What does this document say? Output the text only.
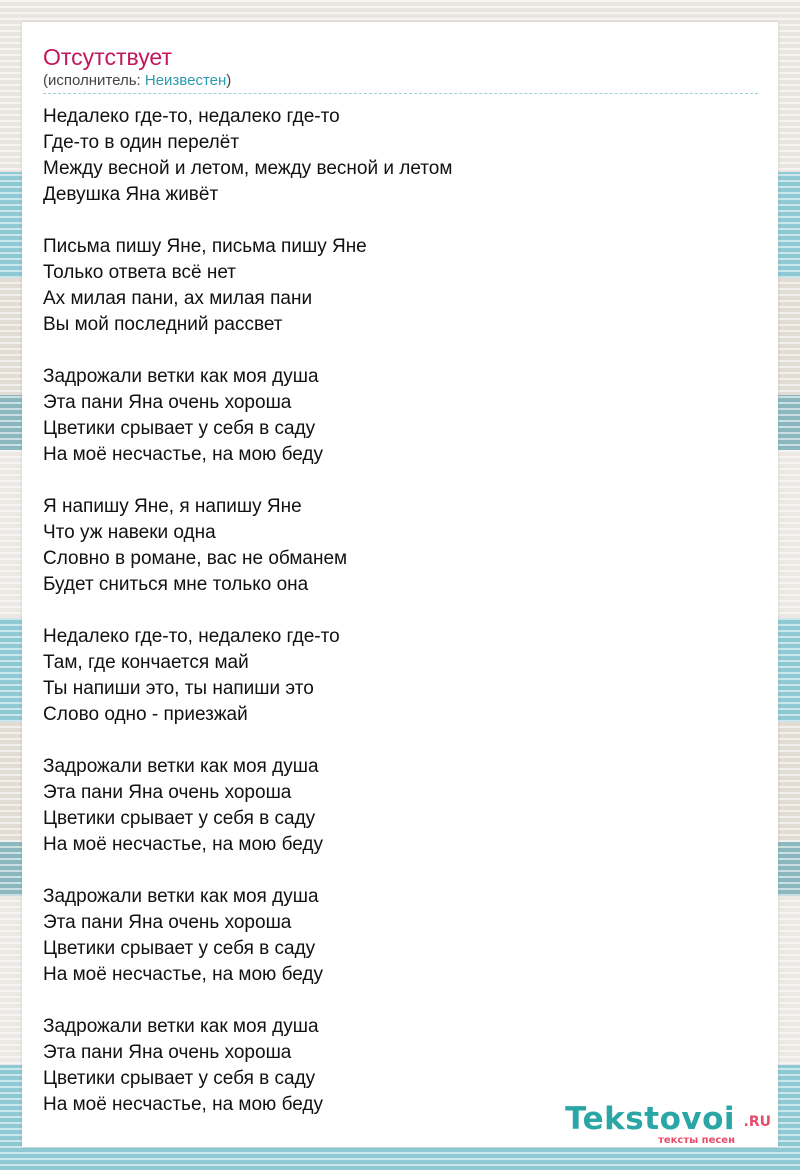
Отсутствует
(исполнитель: Неизвестен)
Недалеко где-то, недалеко где-то
Где-то в один перелёт
Между весной и летом, между весной и летом
Девушка Яна живёт
Письма пишу Яне, письма пишу Яне
Только ответа всё нет
Ах милая пани, ах милая пани
Вы мой последний рассвет
Задрожали ветки как моя душа
Эта пани Яна очень хороша
Цветики срывает у себя в саду
На моё несчастье, на мою беду
Я напишу Яне, я напишу Яне
Что уж навеки одна
Словно в романе, вас не обманем
Будет сниться мне только она
Недалеко где-то, недалеко где-то
Там, где кончается май
Ты напиши это, ты напиши это
Слово одно - приезжай
Задрожали ветки как моя душа
Эта пани Яна очень хороша
Цветики срывает у себя в саду
На моё несчастье, на мою беду
Задрожали ветки как моя душа
Эта пани Яна очень хороша
Цветики срывает у себя в саду
На моё несчастье, на мою беду
Задрожали ветки как моя душа
Эта пани Яна очень хороша
Цветики срывает у себя в саду
На моё несчастье, на мою беду	Tekstovoi .RU
тексты песен
